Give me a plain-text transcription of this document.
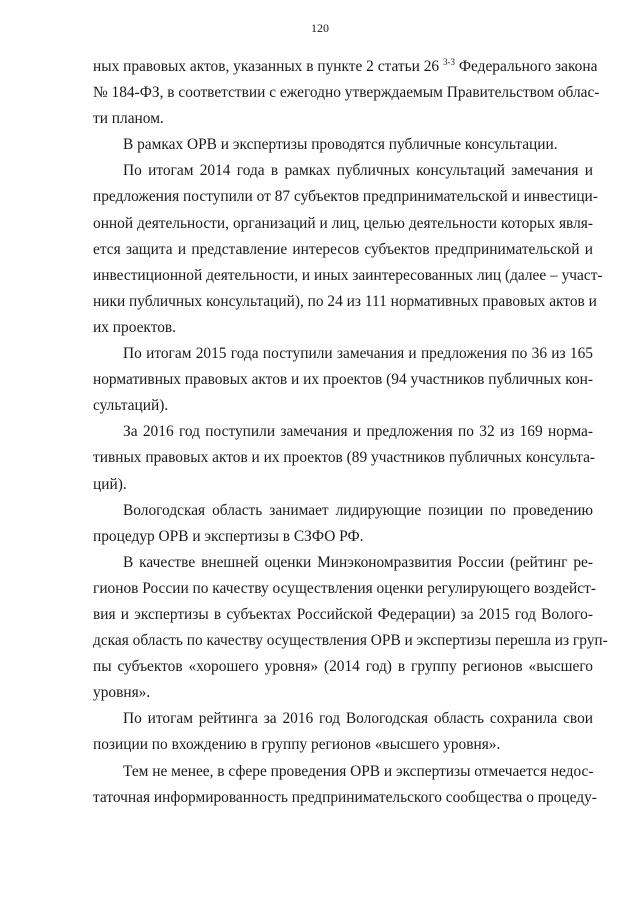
120
ных правовых актов, указанных в пункте 2 статьи 26 $^{3-3}$ Федерального закона
№ 184-ФЗ, в соответствии с ежегодно утверждаемым Правительством облас-
ти планом.
В рамках ОРВ и экспертизы проводятся публичные консультации.
По итогам 2014 года в рамках публичных консультаций замечания и
предложения поступили от 87 субъектов предпринимательской и инвестици-
онной деятельности, организаций и лиц, целью деятельности которых явля-
ется защита и представление интересов субъектов предпринимательской и
инвестиционной деятельности, и иных заинтересованных лиц (далее – участ-
ники публичных консультаций), по 24 из 111 нормативных правовых актов и
их проектов.
По итогам 2015 года поступили замечания и предложения по 36 из 165
нормативных правовых актов и их проектов (94 участников публичных кон-
сультаций).
За 2016 год поступили замечания и предложения по 32 из 169 норма-
тивных правовых актов и их проектов (89 участников публичных консульта-
ций).
Вологодская область занимает лидирующие позиции по проведению
процедур ОРВ и экспертизы в СЗФО РФ.
В качестве внешней оценки Минэкономразвития России (рейтинг ре-
гионов России по качеству осуществления оценки регулирующего воздейст-
вия и экспертизы в субъектах Российской Федерации) за 2015 год Волого-
дская область по качеству осуществления ОРВ и экспертизы перешла из груп-
пы субъектов «хорошего уровня» (2014 год) в группу регионов «высшего
уровня».
По итогам рейтинга за 2016 год Вологодская область сохранила свои
позиции по вхождению в группу регионов «высшего уровня».
Тем не менее, в сфере проведения ОРВ и экспертизы отмечается недос-
таточная информированность предпринимательского сообщества о процеду-
